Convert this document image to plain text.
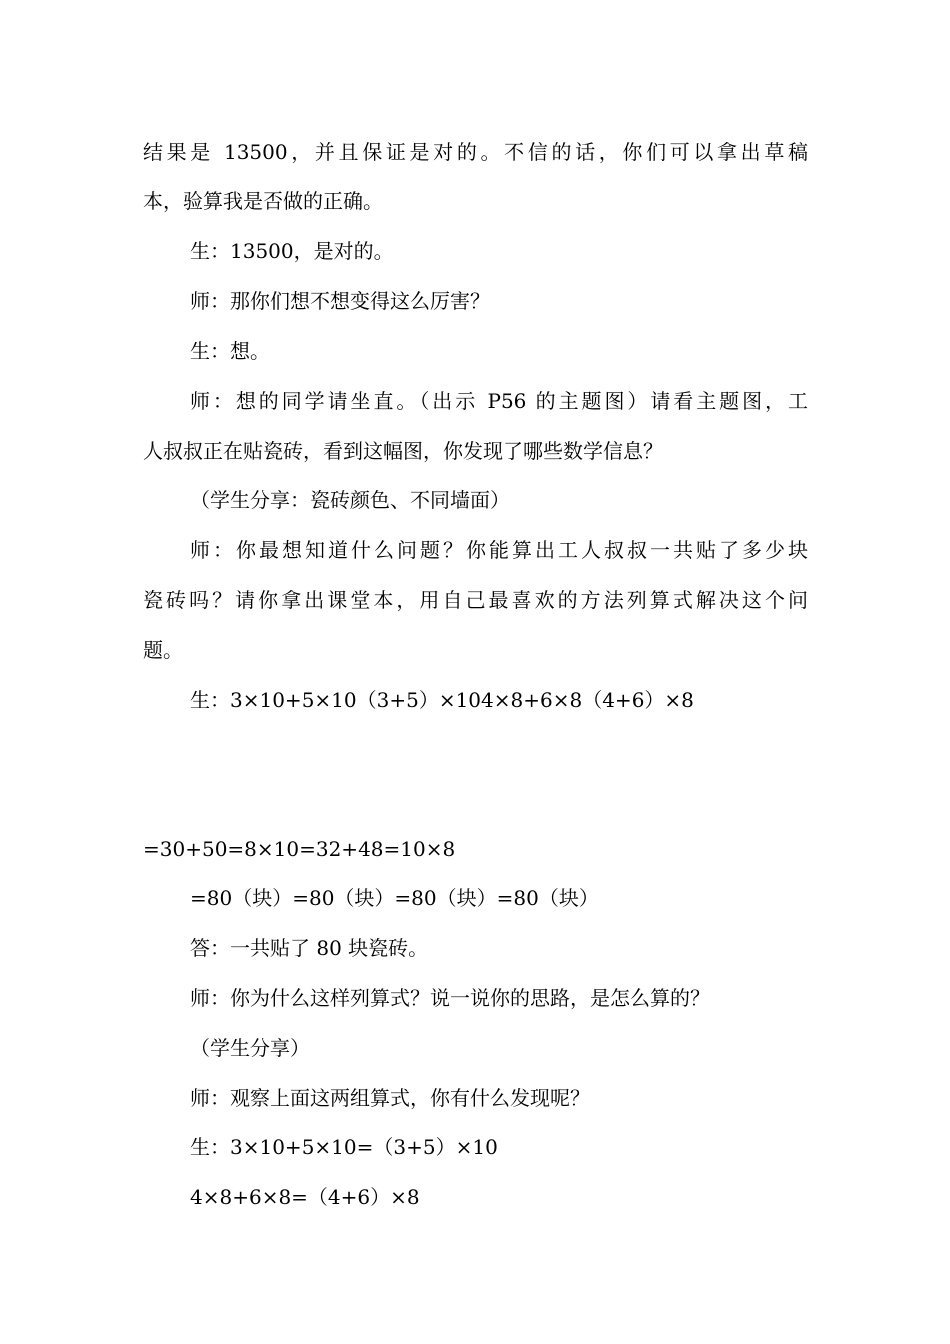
结果是 13500，并且保证是对的。不信的话，你们可以拿出草稿
本，验算我是否做的正确。
生：13500，是对的。
师：那你们想不想变得这么厉害？
生：想。
师：想的同学请坐直。（出示 P56 的主题图）请看主题图，工
人叔叔正在贴瓷砖，看到这幅图，你发现了哪些数学信息？
（学生分享：瓷砖颜色、不同墙面）
师：你最想知道什么问题？你能算出工人叔叔一共贴了多少块
瓷砖吗？请你拿出课堂本，用自己最喜欢的方法列算式解决这个问
题。
生：3×10+5×10（3+5）×104×8+6×8（4+6）×8
=30+50=8×10=32+48=10×8
=80（块）=80（块）=80（块）=80（块）
答：一共贴了 80 块瓷砖。
师：你为什么这样列算式？说一说你的思路，是怎么算的？
（学生分享）
师：观察上面这两组算式，你有什么发现呢？
生：3×10+5×10=（3+5）×10
4×8+6×8=（4+6）×8
